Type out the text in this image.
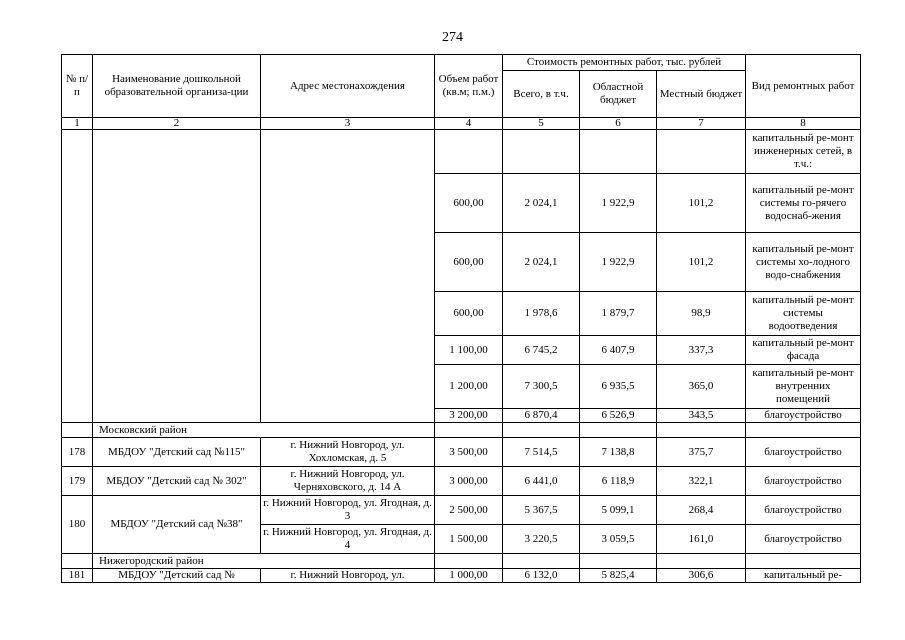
274
№ п/п	Наименование дошкольной образовательной организа-ции	Адрес местонахождения	Объем работ (кв.м; п.м.)	Стоимость ремонтных работ, тыс. рублей			Вид ремонтных работ
				Всего, в т.ч.	Областной бюджет	Местный бюджет	
1	2	3	4	5	6	7	8
							капитальный ре-монт инженерных сетей, в т.ч.:
			600,00	2 024,1	1 922,9	101,2	капитальный ре-монт системы го-рячего водоснаб-жения
			600,00	2 024,1	1 922,9	101,2	капитальный ре-монт системы хо-лодного водо-снабжения
			600,00	1 978,6	1 879,7	98,9	капитальный ре-монт системы водоотведения
			1 100,00	6 745,2	6 407,9	337,3	капитальный ре-монт фасада
			1 200,00	7 300,5	6 935,5	365,0	капитальный ре-монт внутренних помещений
			3 200,00	6 870,4	6 526,9	343,5	благоустройство
	Московский район						
178	МБДОУ "Детский сад №115"	г. Нижний Новгород, ул. Хохломская, д. 5	3 500,00	7 514,5	7 138,8	375,7	благоустройство
179	МБДОУ "Детский сад № 302"	г. Нижний Новгород, ул. Черняховского, д. 14 А	3 000,00	6 441,0	6 118,9	322,1	благоустройство
180	МБДОУ "Детский сад №38"	г. Нижний Новгород, ул. Ягодная, д. 3	2 500,00	5 367,5	5 099,1	268,4	благоустройство
		г. Нижний Новгород, ул. Ягодная, д. 4	1 500,00	3 220,5	3 059,5	161,0	благоустройство
	Нижегородский район						
181	МБДОУ "Детский сад №	г. Нижний Новгород, ул.	1 000,00	6 132,0	5 825,4	306,6	капитальный ре-
